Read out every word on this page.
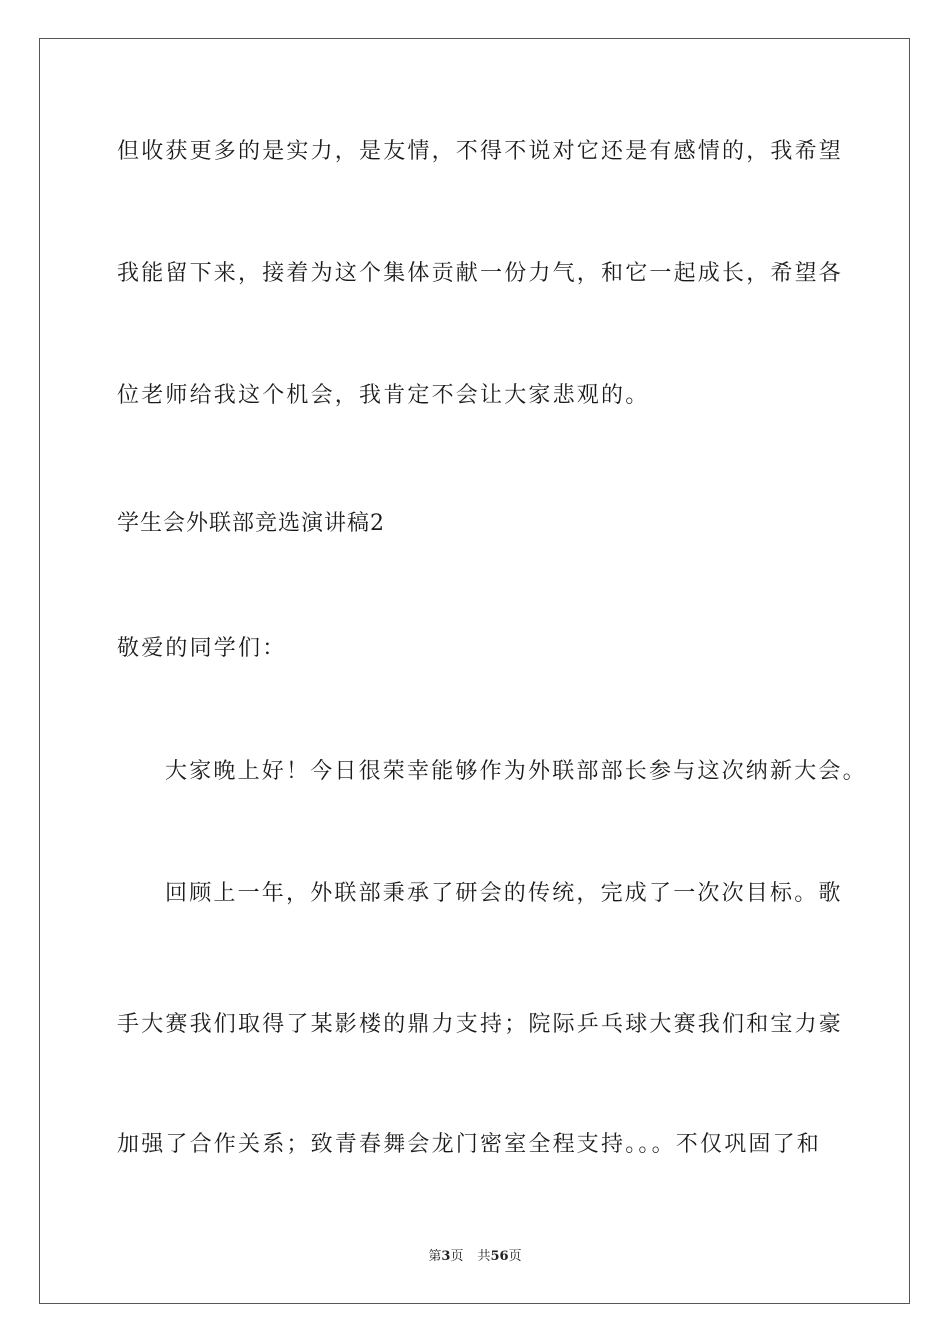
但收获更多的是实力，是友情，不得不说对它还是有感情的，我希望
我能留下来，接着为这个集体贡献一份力气，和它一起成长，希望各
位老师给我这个机会，我肯定不会让大家悲观的。
学生会外联部竞选演讲稿2
敬爱的同学们：
大家晚上好！今日很荣幸能够作为外联部部长参与这次纳新大会。
回顾上一年，外联部秉承了研会的传统，完成了一次次目标。歌
手大赛我们取得了某影楼的鼎力支持；院际乒乓球大赛我们和宝力豪
加强了合作关系；致青春舞会龙门密室全程支持。。。不仅巩固了和
第3页 共56页
